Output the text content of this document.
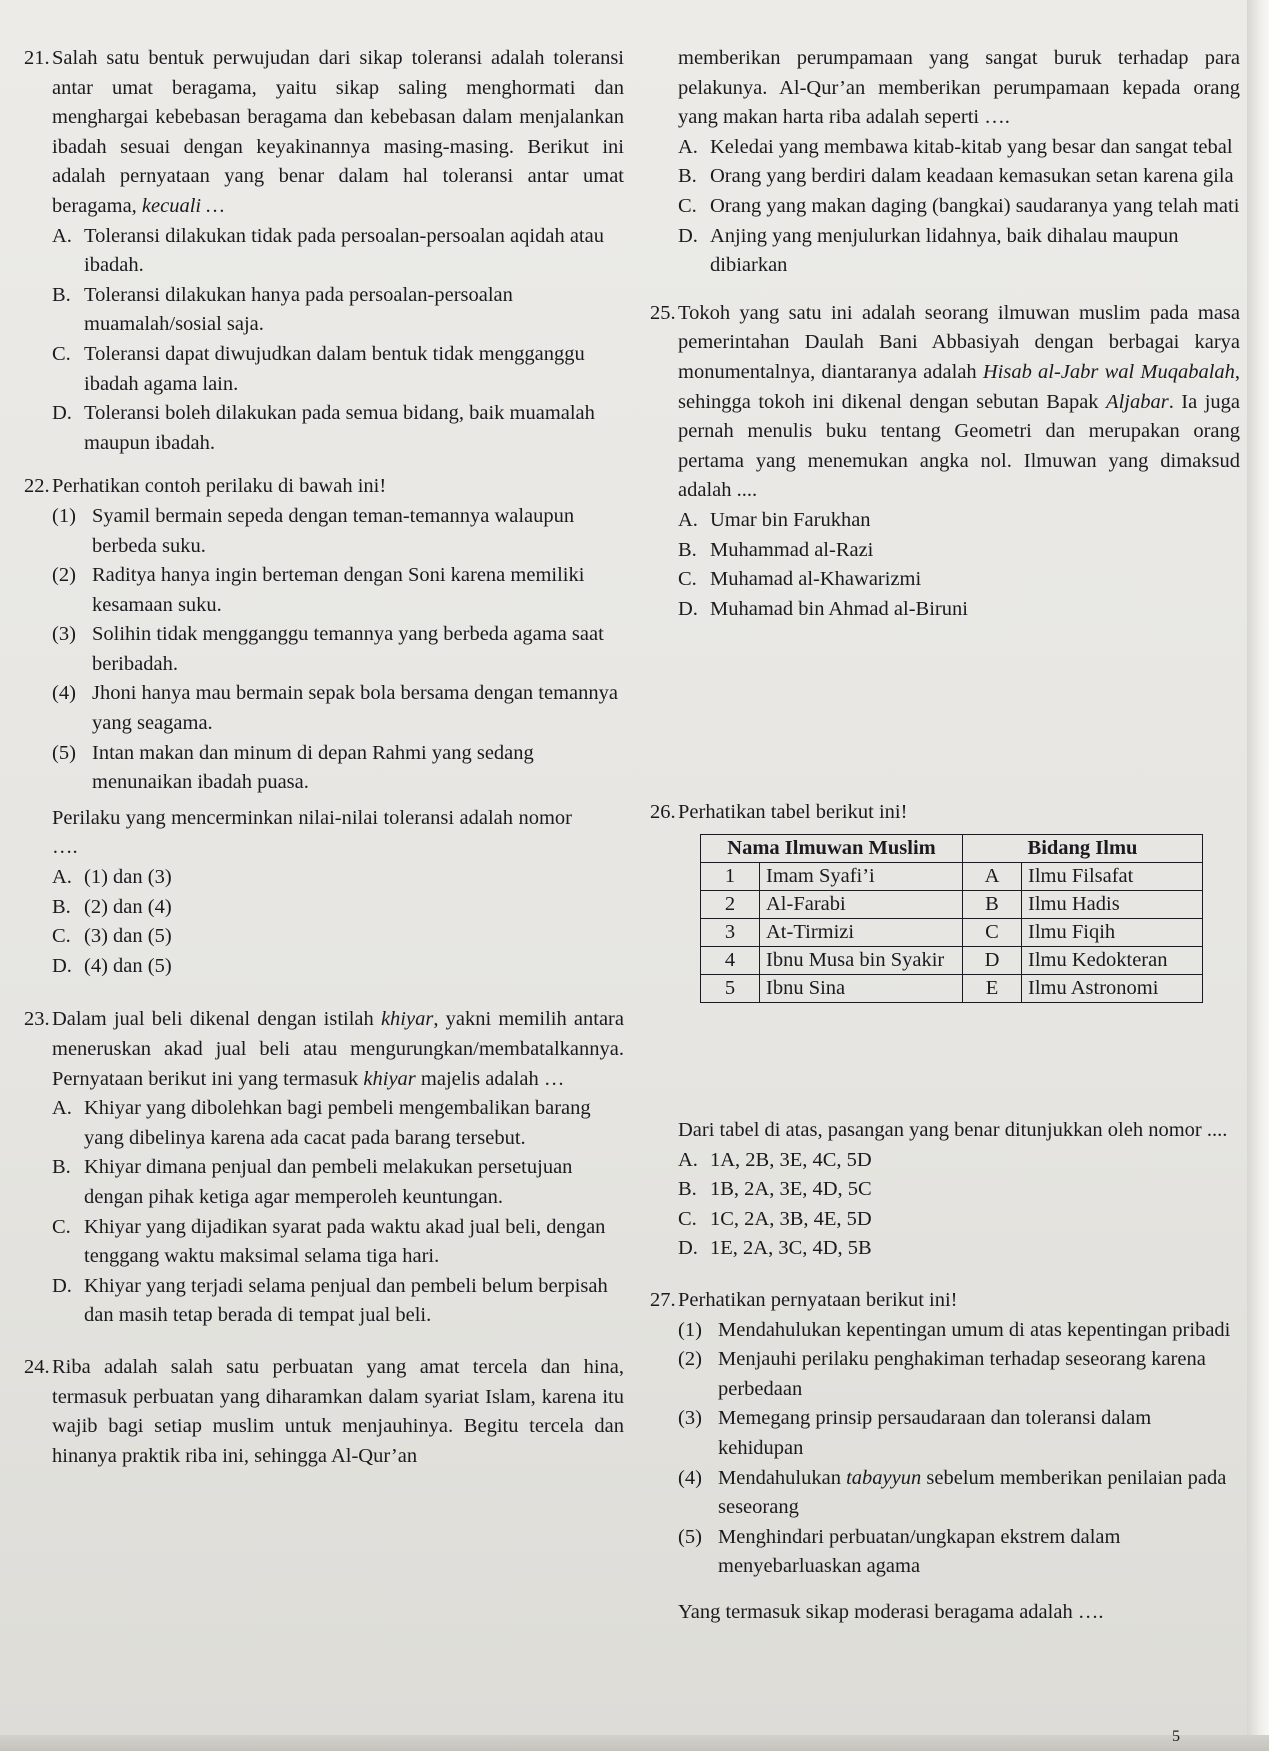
21. Salah satu bentuk perwujudan dari sikap toleransi adalah toleransi antar umat beragama, yaitu sikap saling menghormati dan menghargai kebebasan beragama dan kebebasan dalam menjalankan ibadah sesuai dengan keyakinannya masing-masing. Berikut ini adalah pernyataan yang benar dalam hal toleransi antar umat beragama, kecuali …

A. Toleransi dilakukan tidak pada persoalan-persoalan aqidah atau ibadah.
B. Toleransi dilakukan hanya pada persoalan-persoalan muamalah/sosial saja.
C. Toleransi dapat diwujudkan dalam bentuk tidak mengganggu ibadah agama lain.
D. Toleransi boleh dilakukan pada semua bidang, baik muamalah maupun ibadah.
22. Perhatikan contoh perilaku di bawah ini!

(1) Syamil bermain sepeda dengan teman-temannya walaupun berbeda suku.
(2) Raditya hanya ingin berteman dengan Soni karena memiliki kesamaan suku.
(3) Solihin tidak mengganggu temannya yang berbeda agama saat beribadah.
(4) Jhoni hanya mau bermain sepak bola bersama dengan temannya yang seagama.
(5) Intan makan dan minum di depan Rahmi yang sedang menunaikan ibadah puasa.

Perilaku yang mencerminkan nilai-nilai toleransi adalah nomor ….

A. (1) dan (3)
B. (2) dan (4)
C. (3) dan (5)
D. (4) dan (5)
23. Dalam jual beli dikenal dengan istilah khiyar, yakni memilih antara meneruskan akad jual beli atau mengurungkan/membatalkannya. Pernyataan berikut ini yang termasuk khiyar majelis adalah …

A. Khiyar yang dibolehkan bagi pembeli mengembalikan barang yang dibelinya karena ada cacat pada barang tersebut.
B. Khiyar dimana penjual dan pembeli melakukan persetujuan dengan pihak ketiga agar memperoleh keuntungan.
C. Khiyar yang dijadikan syarat pada waktu akad jual beli, dengan tenggang waktu maksimal selama tiga hari.
D. Khiyar yang terjadi selama penjual dan pembeli belum berpisah dan masih tetap berada di tempat jual beli.
24. Riba adalah salah satu perbuatan yang amat tercela dan hina, termasuk perbuatan yang diharamkan dalam syariat Islam, karena itu wajib bagi setiap muslim untuk menjauhinya. Begitu tercela dan hinanya praktik riba ini, sehingga Al-Qur’an

memberikan perumpamaan yang sangat buruk terhadap para pelakunya. Al-Qur’an memberikan perumpamaan kepada orang yang makan harta riba adalah seperti ….

A. Keledai yang membawa kitab-kitab yang besar dan sangat tebal
B. Orang yang berdiri dalam keadaan kemasukan setan karena gila
C. Orang yang makan daging (bangkai) saudaranya yang telah mati
D. Anjing yang menjulurkan lidahnya, baik dihalau maupun dibiarkan
25. Tokoh yang satu ini adalah seorang ilmuwan muslim pada masa pemerintahan Daulah Bani Abbasiyah dengan berbagai karya monumentalnya, diantaranya adalah Hisab al-Jabr wal Muqabalah, sehingga tokoh ini dikenal dengan sebutan Bapak Aljabar. Ia juga pernah menulis buku tentang Geometri dan merupakan orang pertama yang menemukan angka nol. Ilmuwan yang dimaksud adalah ....

A. Umar bin Farukhan
B. Muhammad al-Razi
C. Muhamad al-Khawarizmi
D. Muhamad bin Ahmad al-Biruni
26. Perhatikan tabel berikut ini!
Nama Ilmuwan Muslim		Bidang Ilmu	
1	Imam Syafi’i	A	Ilmu Filsafat
2	Al-Farabi	B	Ilmu Hadis
3	At-Tirmizi	C	Ilmu Fiqih
4	Ibnu Musa bin Syakir	D	Ilmu Kedokteran
5	Ibnu Sina	E	Ilmu Astronomi

Dari tabel di atas, pasangan yang benar ditunjukkan oleh nomor ....

A. 1A, 2B, 3E, 4C, 5D
B. 1B, 2A, 3E, 4D, 5C
C. 1C, 2A, 3B, 4E, 5D
D. 1E, 2A, 3C, 4D, 5B
27. Perhatikan pernyataan berikut ini!

(1) Mendahulukan kepentingan umum di atas kepentingan pribadi
(2) Menjauhi perilaku penghakiman terhadap seseorang karena perbedaan
(3) Memegang prinsip persaudaraan dan toleransi dalam kehidupan
(4) Mendahulukan tabayyun sebelum memberikan penilaian pada seseorang
(5) Menghindari perbuatan/ungkapan ekstrem dalam menyebarluaskan agama

Yang termasuk sikap moderasi beragama adalah ….

5
